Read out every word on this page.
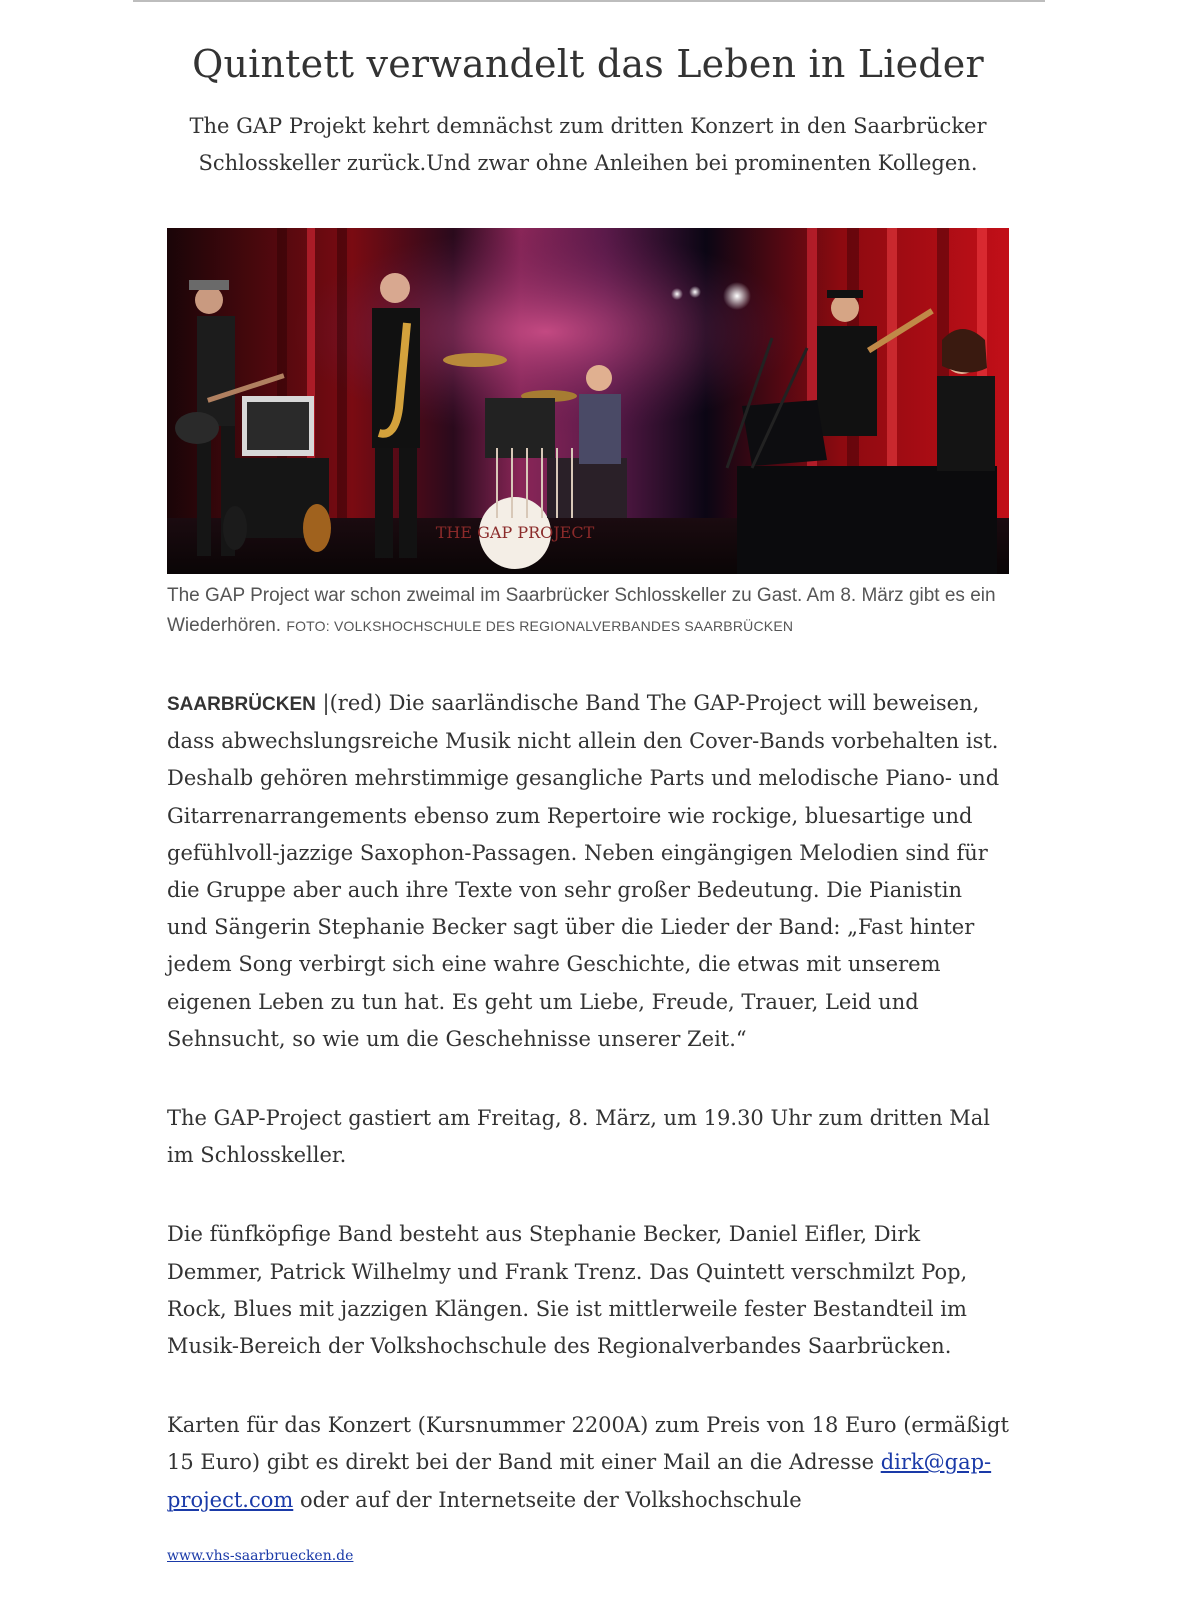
Quintett verwandelt das Leben in Lieder
The GAP Projekt kehrt demnächst zum dritten Konzert in den Saarbrücker Schlosskeller zurück.Und zwar ohne Anleihen bei prominenten Kollegen.
THE GAP PROJECT
The GAP Project war schon zweimal im Saarbrücker Schlosskeller zu Gast. Am 8. März gibt es ein Wiederhören. FOTO: VOLKSHOCHSCHULE DES REGIONALVERBANDES SAARBRÜCKEN

SAARBRÜCKEN |(red) Die saarländische Band The GAP-Project will beweisen, dass abwechslungsreiche Musik nicht allein den Cover-Bands vorbehalten ist. Deshalb gehören mehrstimmige gesangliche Parts und melodische Piano- und Gitarrenarrangements ebenso zum Repertoire wie rockige, bluesartige und gefühlvoll-jazzige Saxophon-Passagen. Neben eingängigen Melodien sind für die Gruppe aber auch ihre Texte von sehr großer Bedeutung. Die Pianistin und Sängerin Stephanie Becker sagt über die Lieder der Band: „Fast hinter jedem Song verbirgt sich eine wahre Geschichte, die etwas mit unserem eigenen Leben zu tun hat. Es geht um Liebe, Freude, Trauer, Leid und Sehnsucht, so wie um die Geschehnisse unserer Zeit.“

The GAP-Project gastiert am Freitag, 8. März, um 19.30 Uhr zum dritten Mal im Schlosskeller.

Die fünfköpfige Band besteht aus Stephanie Becker, Daniel Eifler, Dirk Demmer, Patrick Wilhelmy und Frank Trenz. Das Quintett verschmilzt Pop, Rock, Blues mit jazzigen Klängen. Sie ist mittlerweile fester Bestandteil im Musik-Bereich der Volkshochschule des Regionalverbandes Saarbrücken.

Karten für das Konzert (Kursnummer 2200A) zum Preis von 18 Euro (ermäßigt 15 Euro) gibt es direkt bei der Band mit einer Mail an die Adresse dirk@gap-project.com oder auf der Internetseite der Volkshochschule

www.vhs-saarbruecken.de
